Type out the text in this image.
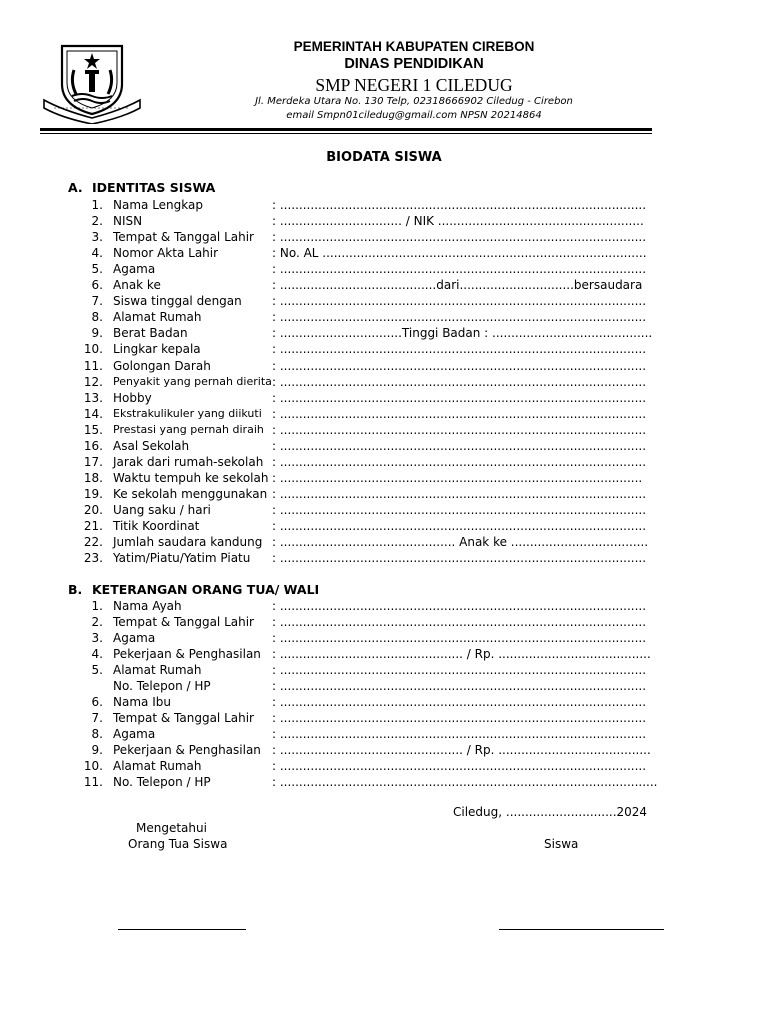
PEMERINTAH KABUPATEN CIREBON
DINAS PENDIDIKAN
SMP NEGERI 1 CILEDUG
Jl. Merdeka Utara No. 130 Telp, 02318666902 Ciledug - Cirebon
email Smpn01ciledug@gmail.com NPSN 20214864
BIODATA SISWA
A. IDENTITAS SISWA
1. Nama Lengkap	: ................................................................................................
2. NISN	: ................................ / NIK ......................................................
3. Tempat & Tanggal Lahir : ................................................................................................
4. Nomor Akta Lahir	: No. AL .....................................................................................
5. Agama	: ................................................................................................
6. Anak ke	: .........................................dari..............................bersaudara
7. Siswa tinggal dengan	: ................................................................................................
8. Alamat Rumah	: ................................................................................................
9. Berat Badan	: ................................Tinggi Badan : ..........................................
10. Lingkar kepala	: ................................................................................................
11. Golongan Darah	: ................................................................................................
12. Penyakit yang pernah dierita : ................................................................................................
13. Hobby	: ................................................................................................
14. Ekstrakulikuler yang diikuti : ................................................................................................
15. Prestasi yang pernah diraih : ................................................................................................
16. Asal Sekolah	: ................................................................................................
17. Jarak dari rumah-sekolah : ................................................................................................
18. Waktu tempuh ke sekolah : ...............................................................................................
19. Ke sekolah menggunakan : ................................................................................................
20. Uang saku / hari	: ................................................................................................
21. Titik Koordinat	: ................................................................................................
22. Jumlah saudara kandung : .............................................. Anak ke ....................................
23. Yatim/Piatu/Yatim Piatu : ................................................................................................
B. KETERANGAN ORANG TUA/ WALI
1. Nama Ayah	: ................................................................................................
2. Tempat & Tanggal Lahir : ................................................................................................
3. Agama	: ................................................................................................
4. Pekerjaan & Penghasilan : ................................................ / Rp. ........................................
5. Alamat Rumah	: ................................................................................................
No. Telepon / HP	: ................................................................................................
6. Nama Ibu	: ................................................................................................
7. Tempat & Tanggal Lahir : ................................................................................................
8. Agama	: ................................................................................................
9. Pekerjaan & Penghasilan : ................................................ / Rp. ........................................
10. Alamat Rumah	: ................................................................................................
11. No. Telepon / HP	: ...................................................................................................
Ciledug, .............................2024
Mengetahui
Orang Tua Siswa	Siswa
